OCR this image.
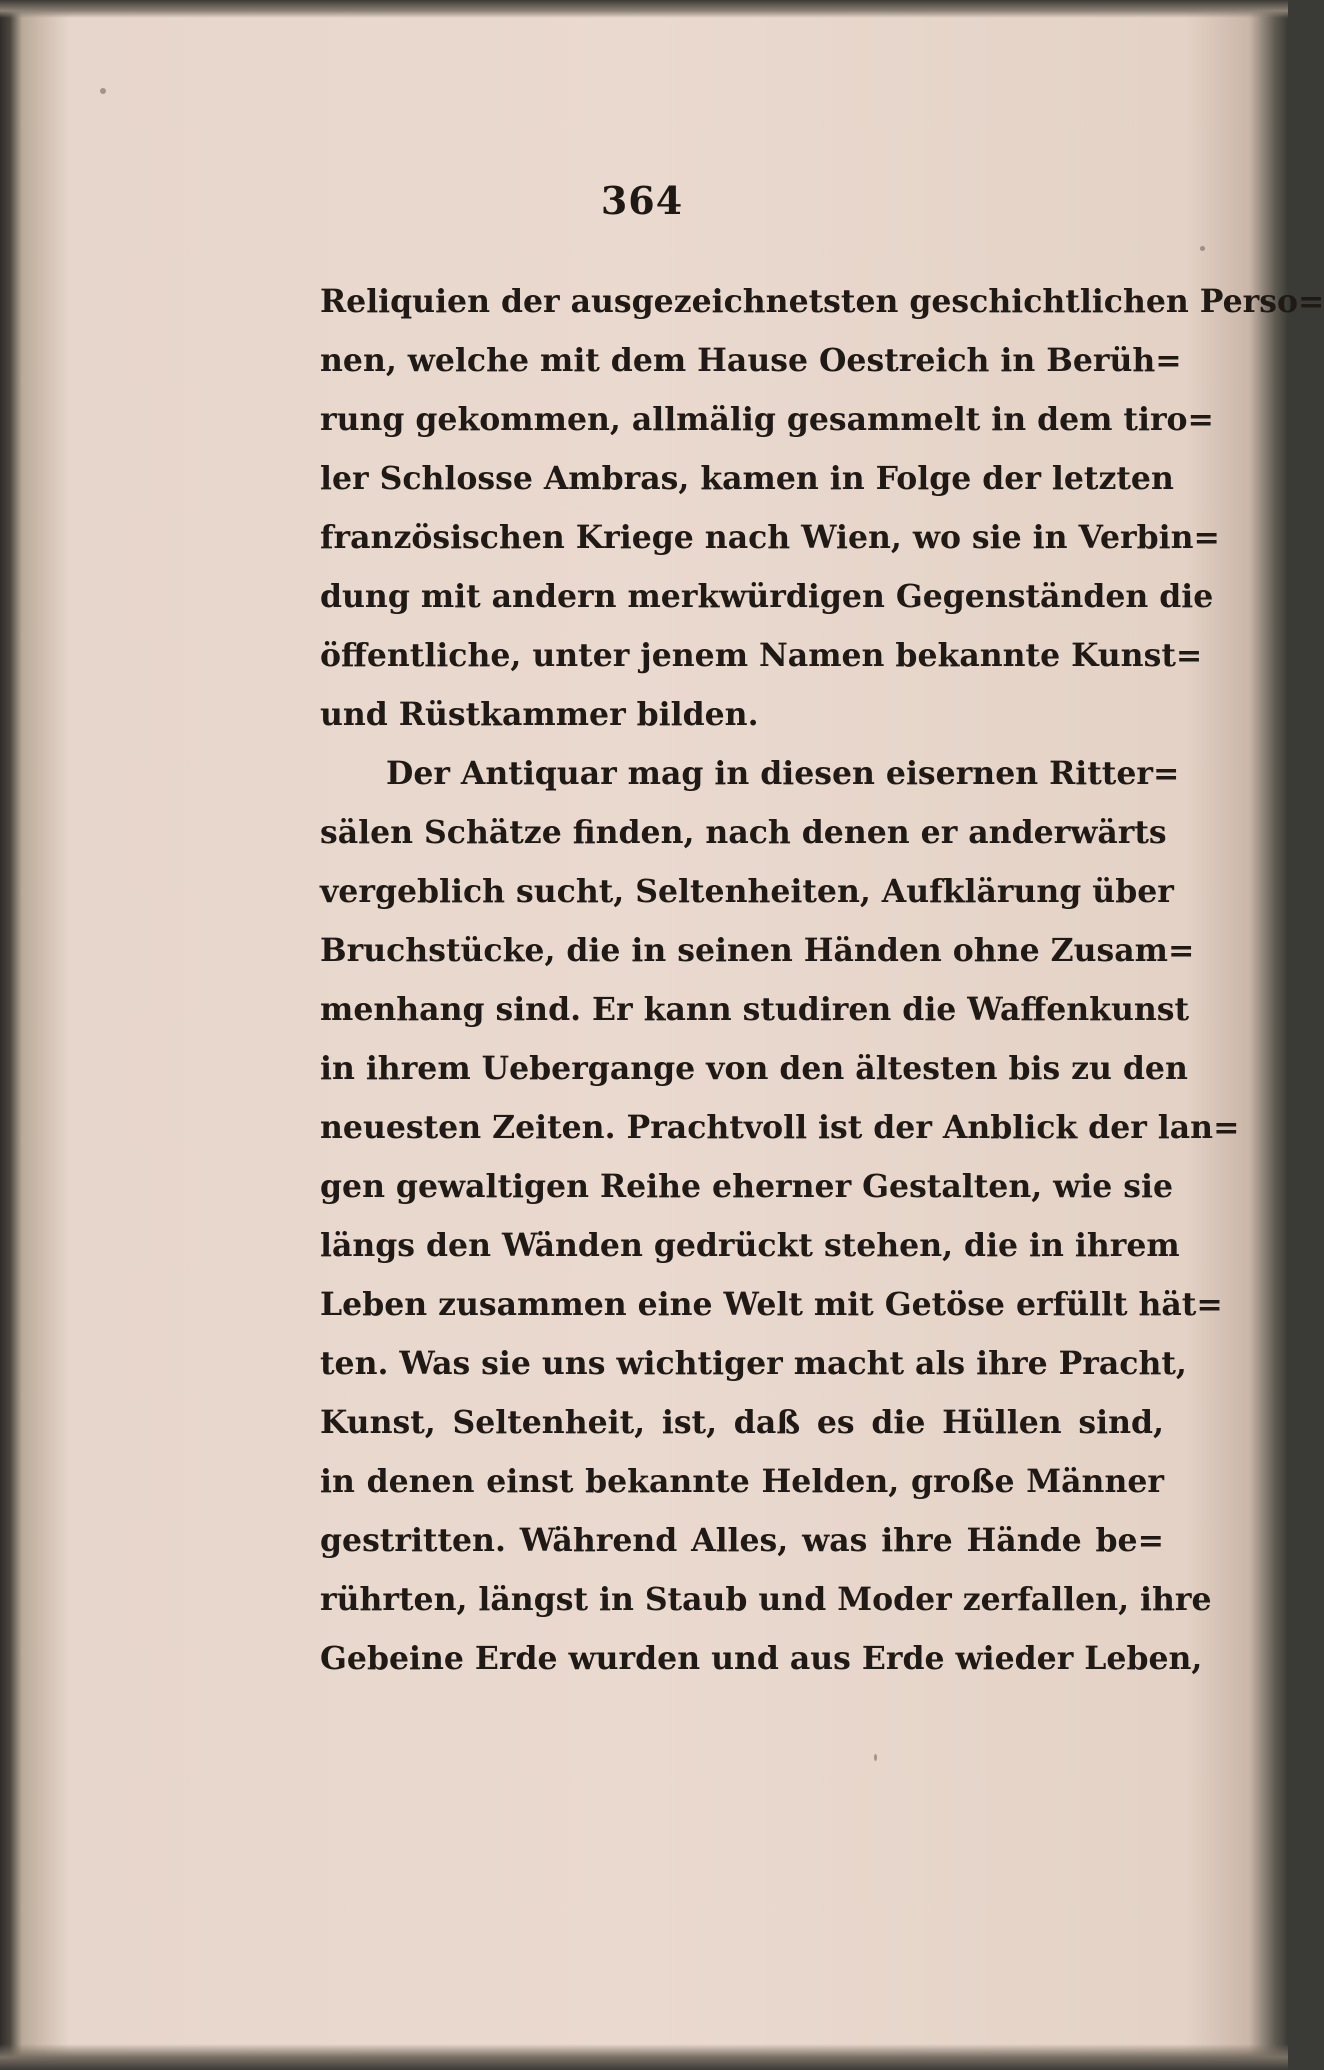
364
Reliquien der ausgezeichnetsten geschichtlichen Perso=
nen, welche mit dem Hause Oestreich in Berüh=
rung gekommen, allmälig gesammelt in dem tiro=
ler Schlosse Ambras, kamen in Folge der letzten
französischen Kriege nach Wien, wo sie in Verbin=
dung mit andern merkwürdigen Gegenständen die
öffentliche, unter jenem Namen bekannte Kunst=
und Rüstkammer bilden.
Der Antiquar mag in diesen eisernen Ritter=
sälen Schätze finden, nach denen er anderwärts
vergeblich sucht, Seltenheiten, Aufklärung über
Bruchstücke, die in seinen Händen ohne Zusam=
menhang sind. Er kann studiren die Waffenkunst
in ihrem Uebergange von den ältesten bis zu den
neuesten Zeiten. Prachtvoll ist der Anblick der lan=
gen gewaltigen Reihe eherner Gestalten, wie sie
längs den Wänden gedrückt stehen, die in ihrem
Leben zusammen eine Welt mit Getöse erfüllt hät=
ten. Was sie uns wichtiger macht als ihre Pracht,
Kunst, Seltenheit, ist, daß es die Hüllen sind,
in denen einst bekannte Helden, große Männer
gestritten. Während Alles, was ihre Hände be=
rührten, längst in Staub und Moder zerfallen, ihre
Gebeine Erde wurden und aus Erde wieder Leben,
